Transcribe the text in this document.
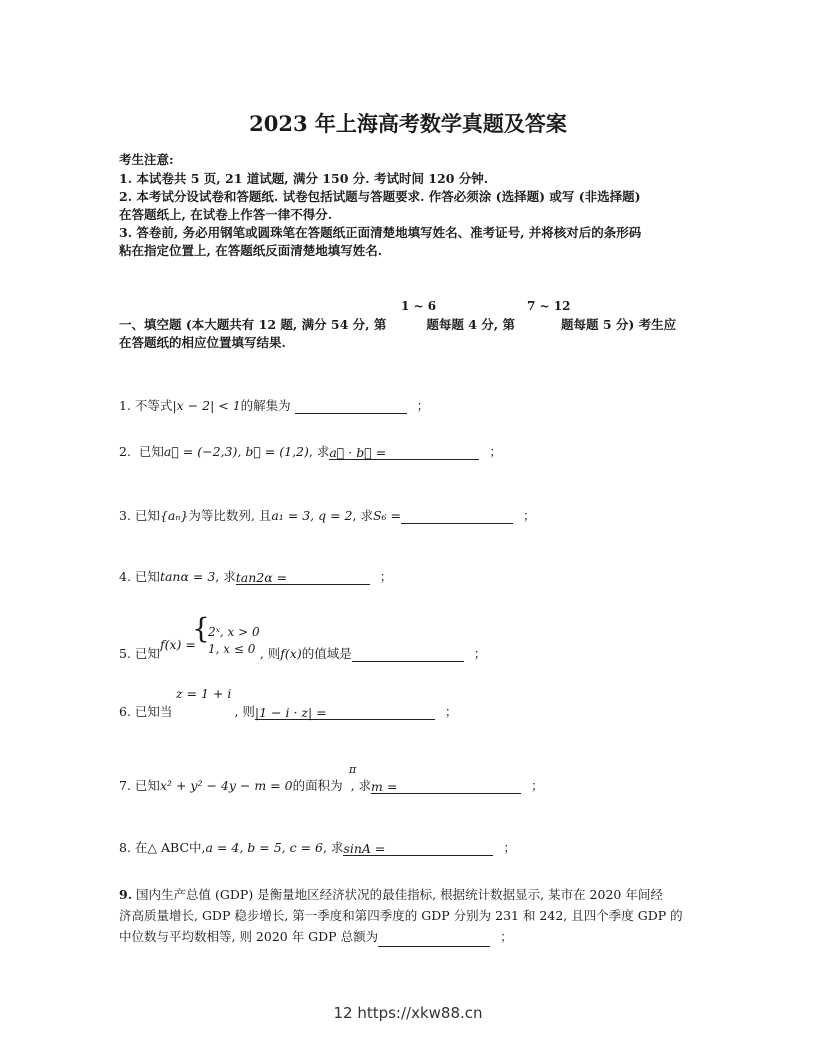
2023 年上海高考数学真题及答案
考生注意:
1. 本试卷共 5 页, 21 道试题, 满分 150 分. 考试时间 120 分钟.
2. 本考试分设试卷和答题纸. 试卷包括试题与答题要求. 作答必须涂 (选择题) 或写 (非选择题)
在答题纸上, 在试卷上作答一律不得分.
3. 答卷前, 务必用钢笔或圆珠笔在答题纸正面清楚地填写姓名、准考证号, 并将核对后的条形码
粘在指定位置上, 在答题纸反面清楚地填写姓名.
1 ~ 6	7 ~ 12
一、填空题 (本大题共有 12 题, 满分 54 分, 第	题每题 4 分, 第	题每题 5 分) 考生应
在答题纸的相应位置填写结果.
1. 不等式|x − 2| < 1的解集为	；
2. 已知a⃗ = (−2,3), b⃗ = (1,2), 求a⃗ · b⃗ =	；
3. 已知{aₙ}为等比数列, 且a₁ = 3, q = 2, 求S₆ =	；
4. 已知tanα = 3, 求tan2α =	；
{
2ˣ, x > 0
1, x ≤ 0
5. 已知f(x) =, 则f(x)的值域是	；
z = 1 + i
6. 已知当	, 则|1 − i · z| =	；
π
7. 已知x² + y² − 4y − m = 0的面积为 , 求m =	；
8. 在△ ABC中,a = 4, b = 5, c = 6, 求sinA =	；
9. 国内生产总值 (GDP) 是衡量地区经济状况的最佳指标, 根据统计数据显示, 某市在 2020 年间经
济高质量增长, GDP 稳步增长, 第一季度和第四季度的 GDP 分别为 231 和 242, 且四个季度 GDP 的
中位数与平均数相等, 则 2020 年 GDP 总额为	；
12 https://xkw88.cn
